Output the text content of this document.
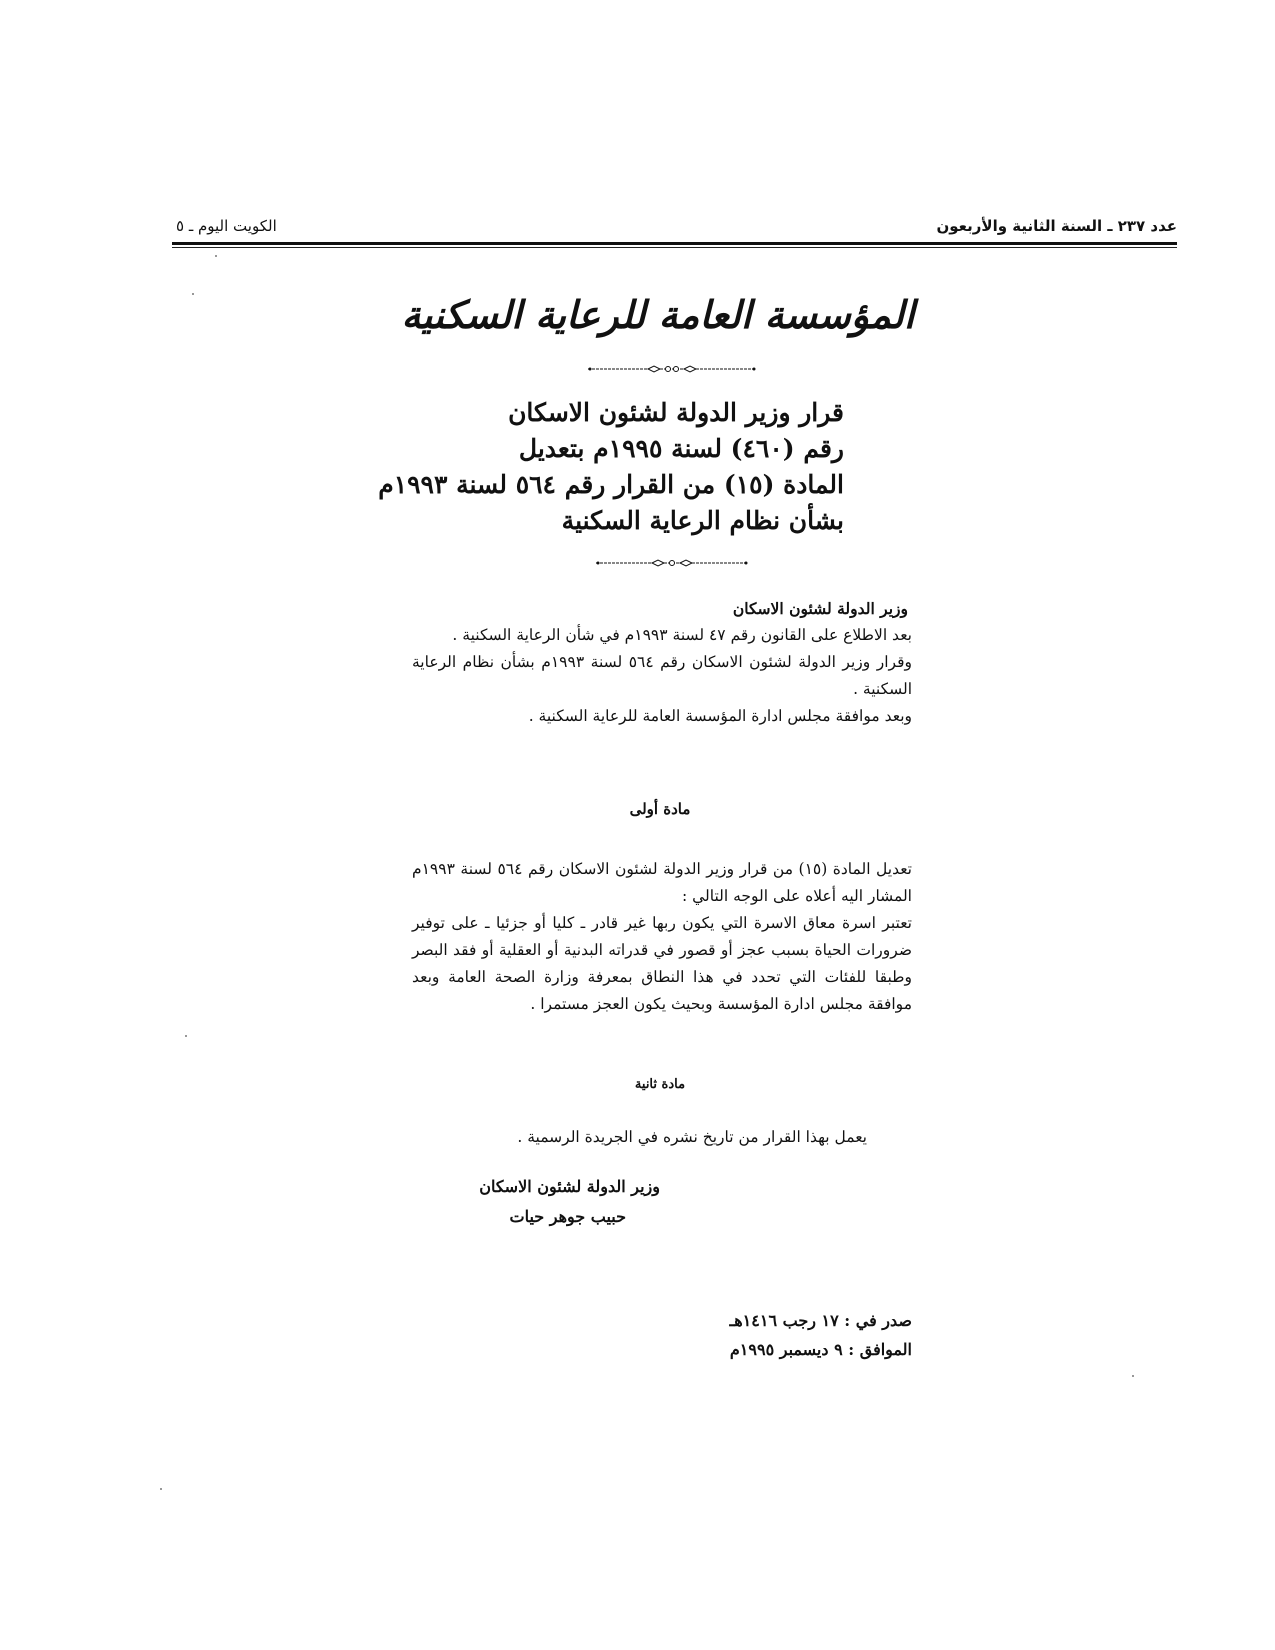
الكويت اليوم ـ ٥	عدد ٢٣٧ ـ السنة الثانية والأربعون
المؤسسة العامة للرعاية السكنية
قرار وزير الدولة لشئون الاسكان
رقم (٤٦٠) لسنة ١٩٩٥م بتعديل
المادة (١٥) من القرار رقم ٥٦٤ لسنة ١٩٩٣م
بشأن نظام الرعاية السكنية
وزير الدولة لشئون الاسكان
بعد الاطلاع على القانون رقم ٤٧ لسنة ١٩٩٣م في شأن الرعاية السكنية .
وقرار وزير الدولة لشئون الاسكان رقم ٥٦٤ لسنة ١٩٩٣م بشأن نظام الرعاية السكنية .
وبعد موافقة مجلس ادارة المؤسسة العامة للرعاية السكنية .
مادة أولى
تعديل المادة (١٥) من قرار وزير الدولة لشئون الاسكان رقم ٥٦٤ لسنة ١٩٩٣م المشار اليه أعلاه على الوجه التالي :
تعتبر اسرة معاق الاسرة التي يكون ربها غير قادر ـ كليا أو جزئيا ـ على توفير ضرورات الحياة بسبب عجز أو قصور في قدراته البدنية أو العقلية أو فقد البصر وطبقا للفئات التي تحدد في هذا النطاق بمعرفة وزارة الصحة العامة وبعد موافقة مجلس ادارة المؤسسة وبحيث يكون العجز مستمرا .
مادة ثانية
يعمل بهذا القرار من تاريخ نشره في الجريدة الرسمية .
وزير الدولة لشئون الاسكان
حبيب جوهر حيات
صدر في : ١٧ رجب ١٤١٦هـ
الموافق : ٩ ديسمبر ١٩٩٥م
